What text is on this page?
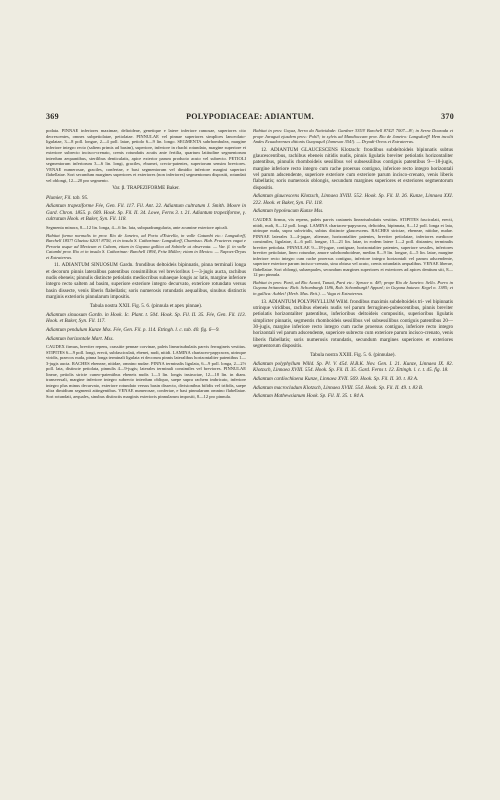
369	POLYPODIACEAE: ADIANTUM.	370

podata. PINNAE inferiores maximae, deltoideae, genetique e latere inferiore ramosae, superiores cito decrescentes, omnes subpetiolatae, petiolatae. PINNULAE vel pinnae superiores simplices lanceolato-ligulatae, 3—8 poll. longae, 2—4 poll. latae, petiolo 6—9 lin. longo. SEGMENTA subrhombulea, margine inferiore integro recto (saltem primis ad basim), superiore, inferiore in rhachi rotundato, margine superiore et exteriore subrecto incisco-crenato, crenis rotundatis acutis ante fertilia, quartum latitudine segmentorum interdum aequantibus, sterilibus denticulatis, apice exterior parum producto acuto vel subrecto. PETIOLI segmentorum inferiorum 3—6 lin. longi, graciles, eburnei, crecto-patentes, superiorum sensim breviores. VENAE numerosae, graciles, confertae, e basi segmentorum vel dimidio inferiore margini superiori flabellatae. Sori secundum margines superiores et exteriores (non inferiores) segmentorum dispositi, rotundati vel oblongi, 12—20 pro segmento.

Var. β. TRAPEZIFORME Baker.

Plumier, Fil. tab. 95.

Adiantum trapeziforme Fée, Gen. Fil. 117. Fil. Ant. 22. Adiantum cultratum J. Smith. Moore in Gard. Chron. 1855. p. 609. Hook. Sp. Fil. II. 34. Lowe, Ferns 3. t. 21. Adiantum trapeziforme, γ. cultratum Hook. et Baker, Syn. Fil. 118.

Segmenta minora, 8—12 lin. longa, 4—6 lin. lata, subquadrangularia, ante acumine exteriore apicali.

Habitat forma normalis in prov. Rio de Janeiro, ad Porto d'Estrella, in valle Catumbi etc.: Langsdorff, Burchell 1857! Glaziou 6201! 8750, et in insula S. Catharinae: Langsdorff, Chamisso. Hab. Fructeres vagat e Peruvia usque ad Mexicum et Cubam, etiam in Guyana gallica ad Sobieile ut observata. — Var. β. in valle Catumbi prov. Rio et in insula S. Catharinae: Burchell 1894, Fritz Müller; etiam in Mexico. — Napoes-Dryas et Extraterras.

11. ADIANTUM SINUOSUM Gardn. frondibus deltoideis bipinnatis, pinna terminali longa et decorum pinnis lateralibus patentibus consimilibus vel brevioribus 1—3-jugis aucta, rachibus nudis ebeneis; pinnulis distincte petiolatis mediocribus subaeque longis ac latis, margine inferiore integro recto saltem ad basim, superiore exteriore integro decurvato, exteriore rotundato versus basin dissecte, venis liberis flabellatis; soris numerosis rotundatis aequalibus, sinubus distinctis marginis exterioris pinnularum impositis.

Tabula nostra XXII. Fig. 5. 6. (pinnula et apex pinnae).

Adiantum sinuosum Gardn. in Hook. Ic. Plant. t. 504. Hook. Sp. Fil. II. 35. Fée, Gen. Fil. 113. Hook. et Baker, Syn. Fil. 117.

Adiantum pendulum Kunze Mss. Fée, Gen. Fil. p. 114. Ettingh. l. c. tab. 40. fig. 6—9.

Adiantum horizontale Mart. Mss.

CAUDEX firmus, breviter repens, crassitie pennae corvinae, paleis linearisubulatis parvis ferrugineis vestitus. STIPITES 6—9 poll. longi, erecti, subfasciculati, ebenei, nudi, nitidi. LAMINA chartaceo-papyracea, utrinque viridis, praecox nuda, pinna longa terminali ligulata et decorum pinnis lateralibus horizontaliter patentibus 1—3-jugis aucta. RACHES ebeneae, nitidae, omnino nudae. PINNA terminalis ligulata, 6—9 poll. longa, 2—2½ poll. lata, distincte petiolata, pinnulis 4—9-jugis; laterales terminali consimiles vel breviores. PINNULAE lineae, petiolis stricte cuneo-patentibus ebeneis nudis 1—3 lin. longis instructae, 12—18 lin. in diam. transversali, margine inferiore integro subrecto interdum obliquo, saepe supra rachem imbricato, inferiore integro plus minus decurvato, exteriore rotundato versus basin dissecto, divisionibus bifidis vel trifidis, saepe ultra dimidium segmenti attingentibus. VENAE numerosae, confertae, e basi pinnularum omnino flabellatae. Sori rotundati, aequales, sinubus distinctis marginis exterioris pinnularum impositi, 8—12 pro pinnula.

Habitat in prov. Goyaz, Serra da Natividade: Gardner 3353! Burchell 8742! 7007—8!; in Serra Dourada et prope Jaraguá ejusdem prov.: Pohl!; in sylvis ad Mandioccam prov. Rio de Janeiro: Langsdorff! Hem incolit Andes Ecuadorenses ditionis Guayaquil (Jameson 354!). — Dryadi-Oreos et Extraterras.

12. ADIANTUM GLAUCESCENS Klotzsch: frondibus subdeltoideis bipinnatis subtus glaucescentibus, rachibus ebeneis nitidis nudis, pinnis ligulatis breviter petiolatis horizontaliter patentibus, pinnulis rhomboideis sessilibus vel subsessilibus contiguis patentibus 9—18-jugis, margine inferiore recto integro cum rache proersus contiguo, inferiore recto integro horizontali vel parum adscendente, superiore exteriore cum exteriore parum incisco-crenato, venis liberis flabellatis; soris numerosis oblongis, secundum margines superiores et exteriores segmentorum dispositis.

Adiantum glaucescens Klotzsch, Linnaea XVIII. 552. Hook. Sp. Fil. II. 26. Kunze, Linnaea XXI. 222. Hook. et Baker, Syn. Fil. 118.

Adiantum hypoleucum Kunze Mss.

CAUDEX firmus, vix repens, paleis parvis castaneis linearisubulatis vestitus. STIPITES fasciculati, erecti, nitidi, nudi, 8—12 poll. longi. LAMINA chartaceo-papyracea, deltoidea, bipinnata, 8—12 poll. longa et lata, utrinque nuda, supra subviridis, subtus distincte glaucescens. RACHES strictae, ebeneae, nitidae, nudae. PINNAE laterales 3—4-jugae, alternae, horizontaliter patentes, breviter petiolatae, inferiores mediocre consimiles, ligulatae, 4—6 poll. longae, 15—21 lin. latae, in eodem latere 1—2 poll. distantes; terminalis breviter petiolata. PINNULAE 9—18-jugae, contiguae, horizontaliter patentes, superiore sessiles, inferiores breviter petiolatae, lineo rotundae, amore subrhomboideae, medias 8—9 lin. longae, 4—5 lin. latae, margine inferiore recto integro cum rache proersus contiguo, inferiore integro horizontali vel parum adscendente, superiore exteriore parum incisco-crenato, sinu obtuso vel acuto, crenis rotundatis aequalibus. VENAE liberae, flabellatae. Sori oblongi, subaequales, secundum margines superiores et exteriores ad apices dentium siti, 8—12 pro pinnula.

Habitat in prov. Pará, ad Rio Acará, Tunaú, Pará etc.: Spruce n. 48!; prope Rio de Janeiro: Sello. Porro in Guyana britannica: Rich. Schomburgk 1186, Rob. Schomburgk! Appun!; in Guyana batava: Kegel n. 1385; et in gallica: Aublet! (Herb. Mus. Brit.). — Vaga et Extraterras.

13. ADIANTUM POLYPHYLLUM Willd. frondibus maximis subdeltoideis tri- vel bipinnatis utrinque viridibus, rachibus ebeneis nudis vel parum ferrugineo-pubescentibus, pinnis breviter petiolatis horizontaliter patentibus, inferioribus deltoideis compositis, superioribus ligulatis simplicter pinnatis, segmentis rhomboideis sessilibus vel subsessilibus contiguis patentibus 20—30-jugis, margine inferiore recto integro cum rache proersus contiguo, inferiore recto integro horizontali vel parum adscendente, superiore subrecto cum exteriore parum incisco-crenato, venis liberis flabellatis; soris numerosis rotundatis, secundum margines superiores et exteriores segmentorum dispositis.

Tabula nostra XXIII. Fig. 5. 6. (pinnulae).

Adiantum polyphyllum Willd. Sp. Pl. V. 454. H.B.K. Nov. Gen. I. 21. Kunze, Linnaea IX. 82. Klotzsch, Linnaea XVIII. 554. Hook. Sp. Fil. II. 35. Gard. Ferns t. 12. Ettingh. l. c. t. 45. fig. 18.

Adiantum cardiochlaena Kunze, Linnaea XVII. 569. Hook. Sp. Fil. II. 30. t. 83 A.

Adiantum macrocladum Klotzsch, Linnaea XVIII. 554. Hook. Sp. Fil. II. 49. t. 83 B.

Adiantum Mathewsianum Hook. Sp. Fil. II. 35. t. 84 A.
